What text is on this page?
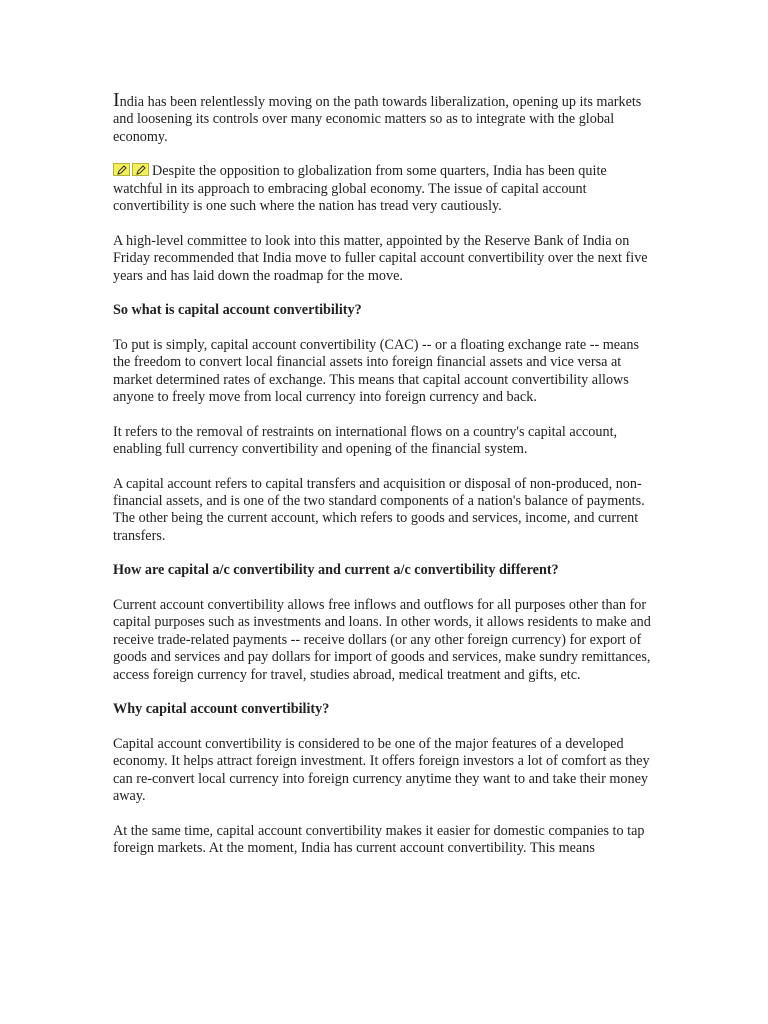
India has been relentlessly moving on the path towards liberalization, opening up its markets and loosening its controls over many economic matters so as to integrate with the global economy.

Despite the opposition to globalization from some quarters, India has been quite watchful in its approach to embracing global economy. The issue of capital account convertibility is one such where the nation has tread very cautiously.

A high-level committee to look into this matter, appointed by the Reserve Bank of India on Friday recommended that India move to fuller capital account convertibility over the next five years and has laid down the roadmap for the move.

So what is capital account convertibility?

To put is simply, capital account convertibility (CAC) -- or a floating exchange rate -- means the freedom to convert local financial assets into foreign financial assets and vice versa at market determined rates of exchange. This means that capital account convertibility allows anyone to freely move from local currency into foreign currency and back.

It refers to the removal of restraints on international flows on a country's capital account, enabling full currency convertibility and opening of the financial system.

A capital account refers to capital transfers and acquisition or disposal of non-produced, non-financial assets, and is one of the two standard components of a nation's balance of payments. The other being the current account, which refers to goods and services, income, and current transfers.

How are capital a/c convertibility and current a/c convertibility different?

Current account convertibility allows free inflows and outflows for all purposes other than for capital purposes such as investments and loans. In other words, it allows residents to make and receive trade-related payments -- receive dollars (or any other foreign currency) for export of goods and services and pay dollars for import of goods and services, make sundry remittances, access foreign currency for travel, studies abroad, medical treatment and gifts, etc.

Why capital account convertibility?

Capital account convertibility is considered to be one of the major features of a developed economy. It helps attract foreign investment. It offers foreign investors a lot of comfort as they can re-convert local currency into foreign currency anytime they want to and take their money away.

At the same time, capital account convertibility makes it easier for domestic companies to tap foreign markets. At the moment, India has current account convertibility. This means
